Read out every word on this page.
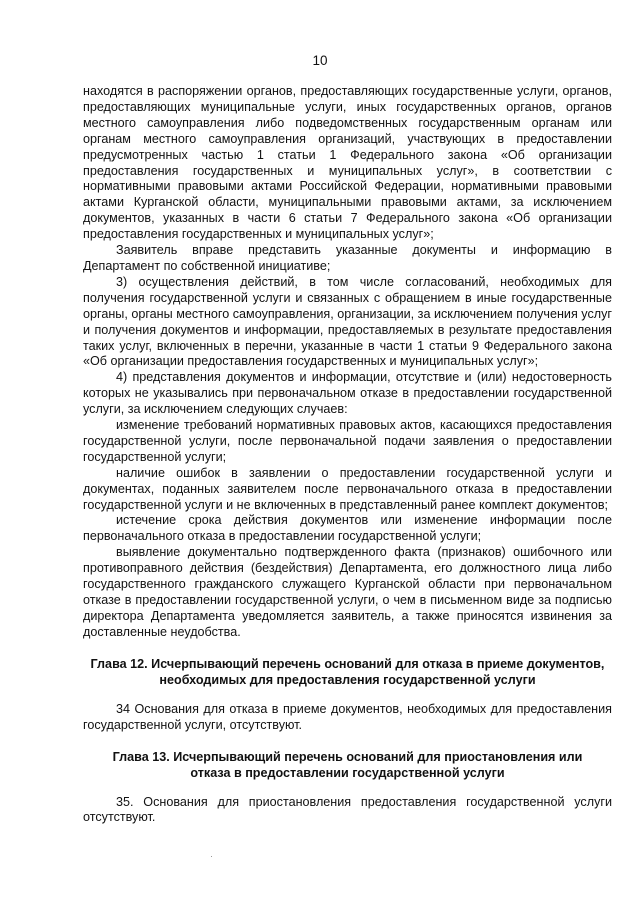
10

находятся в распоряжении органов, предоставляющих государственные услуги, органов, предоставляющих муниципальные услуги, иных государственных органов, органов местного самоуправления либо подведомственных государственным органам или органам местного самоуправления организаций, участвующих в предоставлении предусмотренных частью 1 статьи 1 Федерального закона «Об организации предоставления государственных и муниципальных услуг», в соответствии с нормативными правовыми актами Российской Федерации, нормативными правовыми актами Курганской области, муниципальными правовыми актами, за исключением документов, указанных в части 6 статьи 7 Федерального закона «Об организации предоставления государственных и муниципальных услуг»;

Заявитель вправе представить указанные документы и информацию в Департамент по собственной инициативе;

3) осуществления действий, в том числе согласований, необходимых для получения государственной услуги и связанных с обращением в иные государственные органы, органы местного самоуправления, организации, за исключением получения услуг и получения документов и информации, предоставляемых в результате предоставления таких услуг, включенных в перечни, указанные в части 1 статьи 9 Федерального закона «Об организации предоставления государственных и муниципальных услуг»;

4) представления документов и информации, отсутствие и (или) недостоверность которых не указывались при первоначальном отказе в предоставлении государственной услуги, за исключением следующих случаев:

изменение требований нормативных правовых актов, касающихся предоставления государственной услуги, после первоначальной подачи заявления о предоставлении государственной услуги;

наличие ошибок в заявлении о предоставлении государственной услуги и документах, поданных заявителем после первоначального отказа в предоставлении государственной услуги и не включенных в представленный ранее комплект документов;

истечение срока действия документов или изменение информации после первоначального отказа в предоставлении государственной услуги;

выявление документально подтвержденного факта (признаков) ошибочного или противоправного действия (бездействия) Департамента, его должностного лица либо государственного гражданского служащего Курганской области при первоначальном отказе в предоставлении государственной услуги, о чем в письменном виде за подписью директора Департамента уведомляется заявитель, а также приносятся извинения за доставленные неудобства.

Глава 12. Исчерпывающий перечень оснований для отказа в приеме документов,
необходимых для предоставления государственной услуги

34 Основания для отказа в приеме документов, необходимых для предоставления государственной услуги, отсутствуют.

Глава 13. Исчерпывающий перечень оснований для приостановления или
отказа в предоставлении государственной услуги

35. Основания для приостановления предоставления государственной услуги отсутствуют.
